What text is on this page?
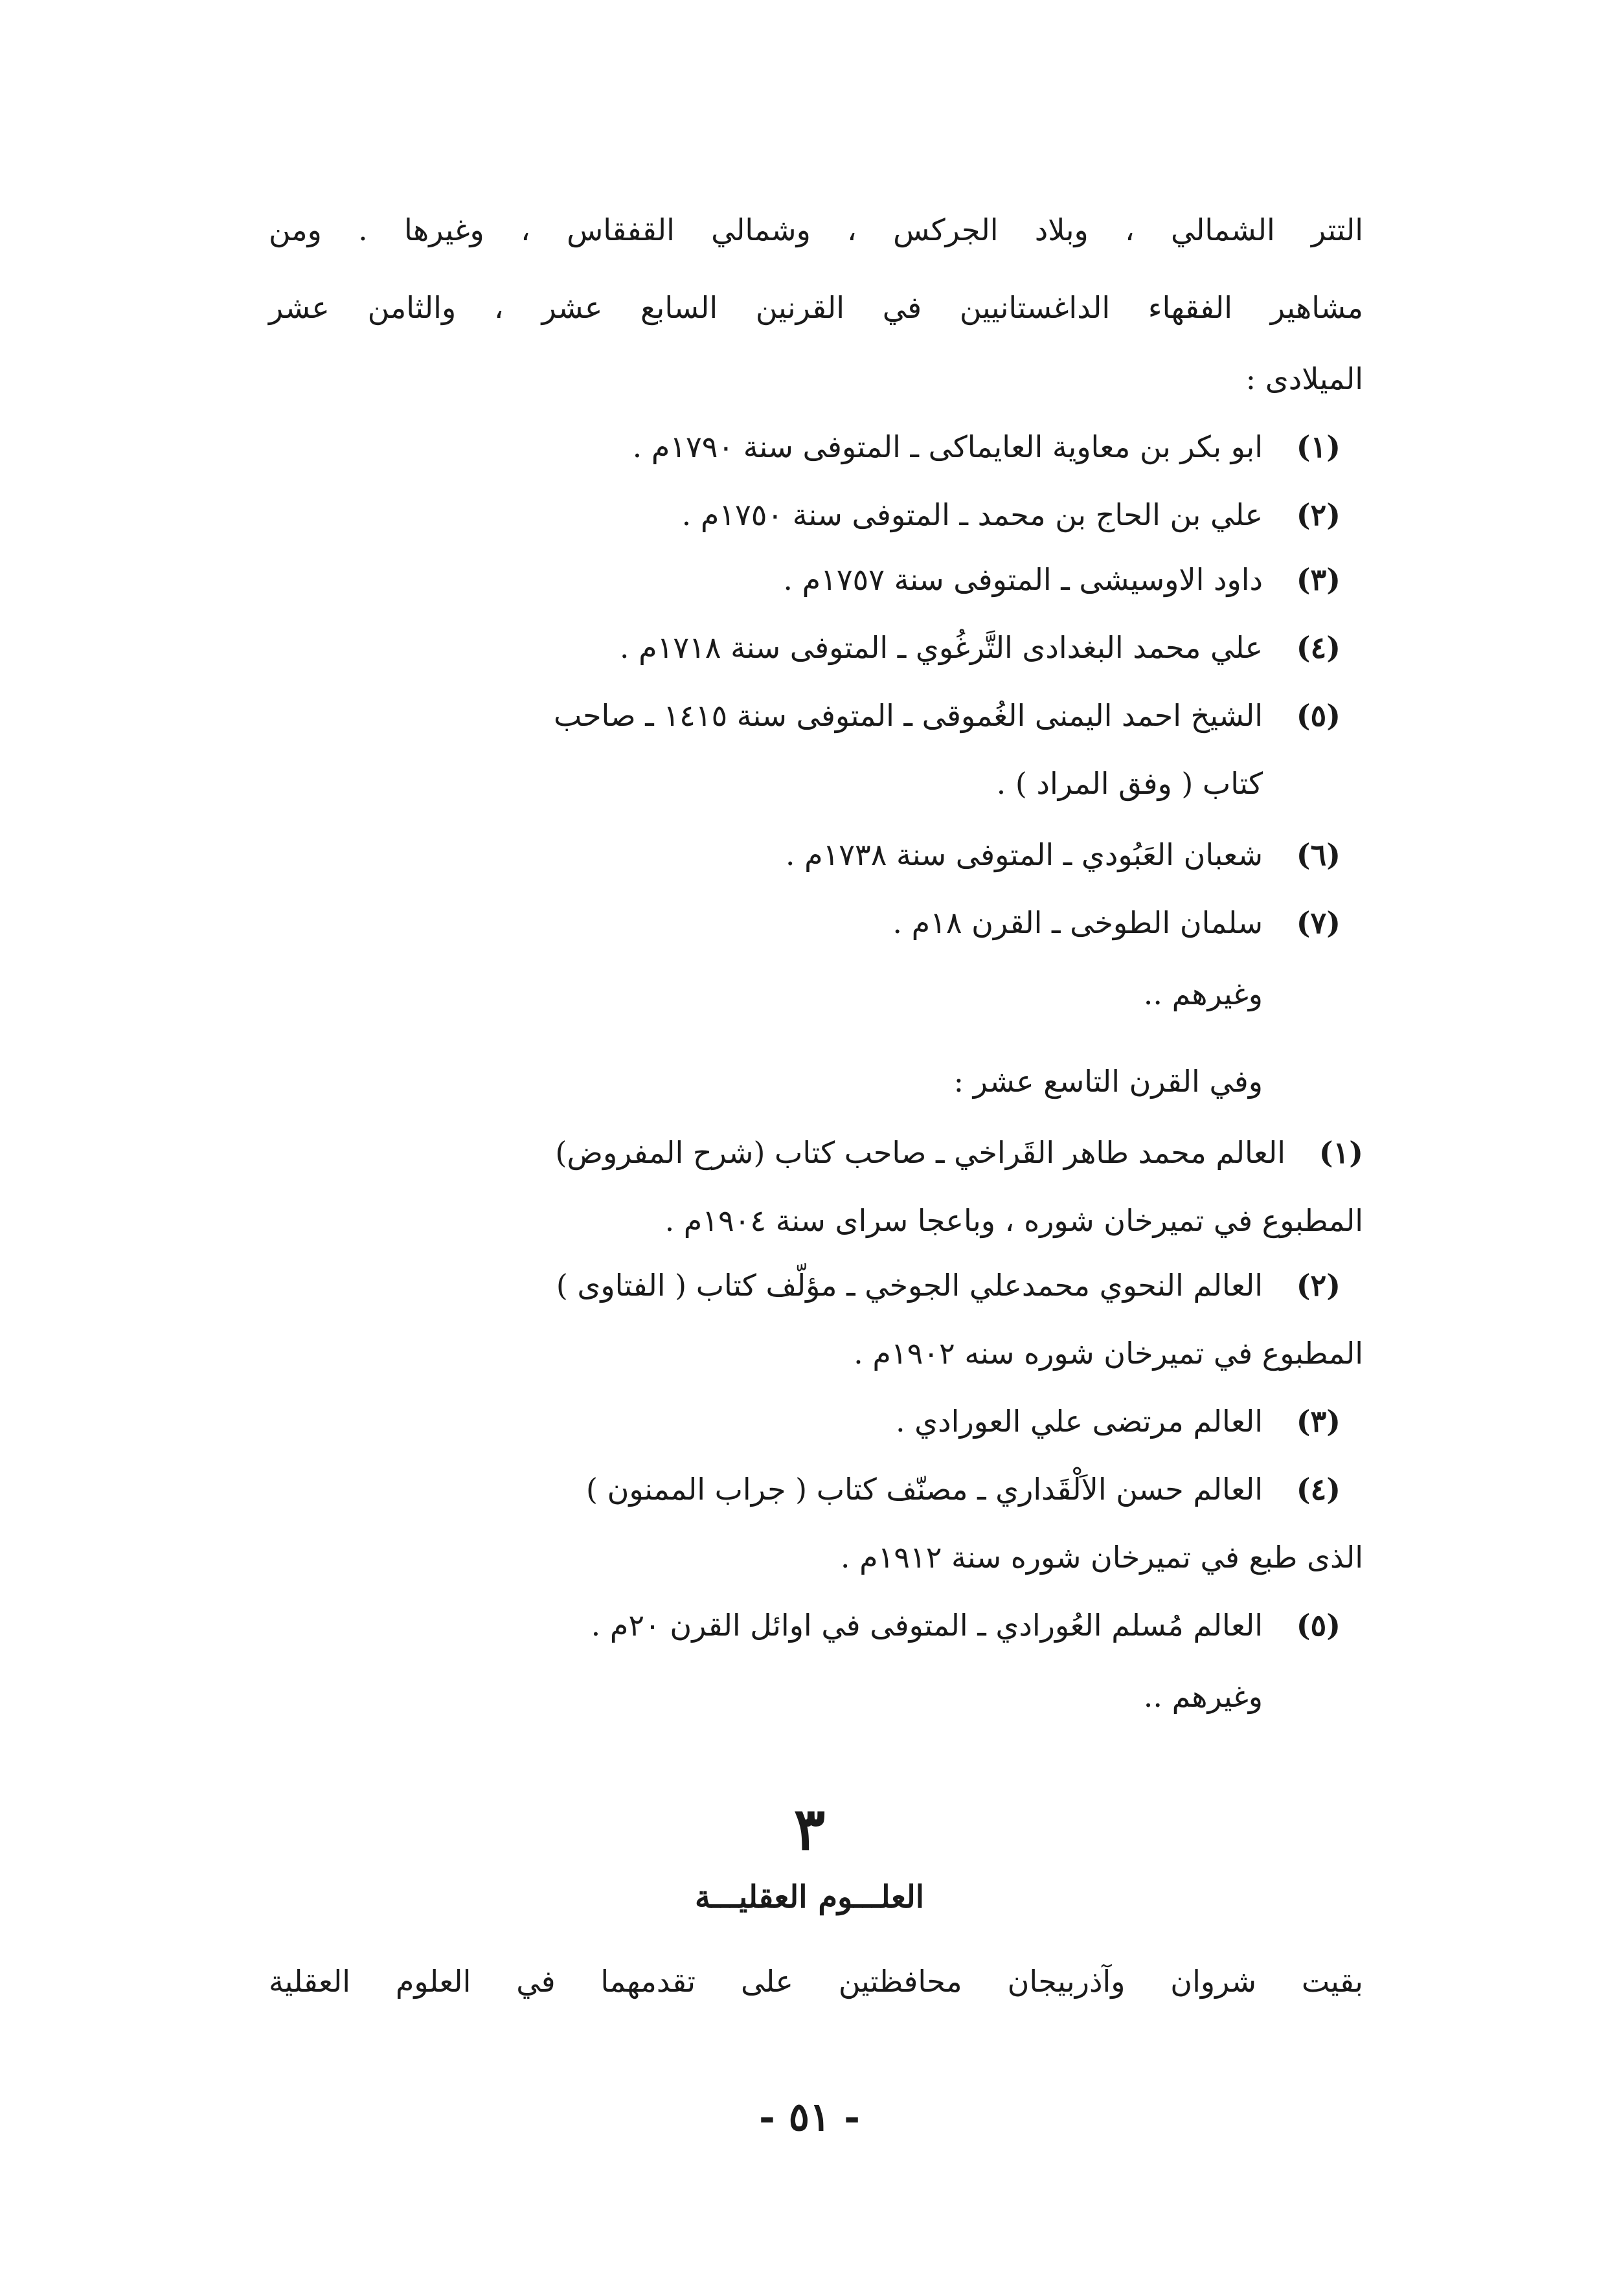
التتر الشمالي ، وبلاد الجركس ، وشمالي القفقاس ، وغيرها . ومن
مشاهير الفقهاء الداغستانيين في القرنين السابع عشر ، والثامن عشر
الميلادى :
(١)ابو بكر بن معاوية العايماكى ـ المتوفى سنة ١٧٩٠م .
(٢)علي بن الحاج بن محمد ـ المتوفى سنة ١٧٥٠م .
(٣)داود الاوسيشى ـ المتوفى سنة ١٧٥٧م .
(٤)علي محمد البغدادى التَّرغُوي ـ المتوفى سنة ١٧١٨م .
(٥)الشيخ احمد اليمنى الغُموقى ـ المتوفى سنة ١٤١٥ ـ صاحب
كتاب ( وفق المراد ) .
(٦)شعبان العَبُودي ـ المتوفى سنة ١٧٣٨م .
(٧)سلمان الطوخى ـ القرن ١٨م .
وغيرهم ..
وفي القرن التاسع عشر :
(١)العالم محمد طاهر القَراخي ـ صاحب كتاب (شرح المفروض)
المطبوع في تميرخان شوره ، وباعجا سراى سنة ١٩٠٤م .
(٢)العالم النحوي محمدعلي الجوخي ـ مؤلّف كتاب ( الفتاوى )
المطبوع في تميرخان شوره سنه ١٩٠٢م .
(٣)العالم مرتضى علي العورادي .
(٤)العالم حسن الاَلْقَداري ـ مصنّف كتاب ( جراب الممنون )
الذى طبع في تميرخان شوره سنة ١٩١٢م .
(٥)العالم مُسلم العُورادي ـ المتوفى في اوائل القرن ٢٠م .
وغيرهم ..
٣
العلـــوم العقليـــة
بقيت شروان وآذربيجان محافظتين على تقدمهما في العلوم العقلية
- ٥١ -
